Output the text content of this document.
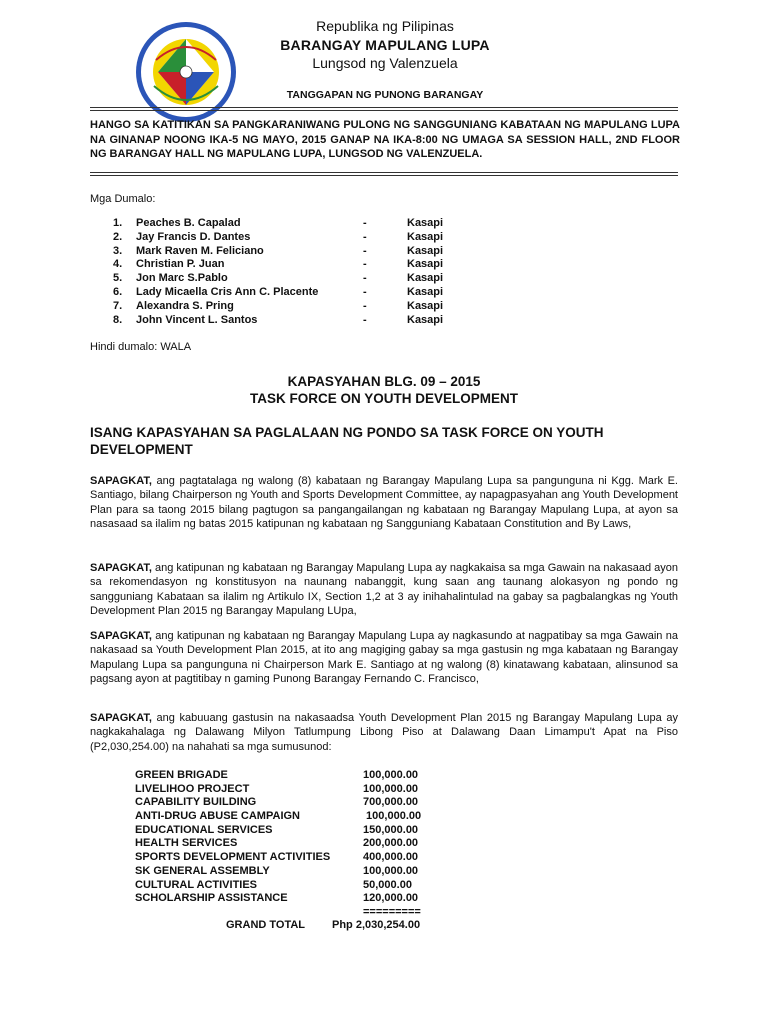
Republika ng Pilipinas
BARANGAY MAPULANG LUPA
Lungsod ng Valenzuela
TANGGAPAN NG PUNONG BARANGAY
HANGO SA KATITIKAN SA PANGKARANIWANG PULONG NG SANGGUNIANG KABATAAN NG MAPULANG LUPA NA GINANAP NOONG IKA-5 NG MAYO, 2015 GANAP NA IKA-8:00 NG UMAGA SA SESSION HALL, 2ND FLOOR NG BARANGAY HALL NG MAPULANG LUPA, LUNGSOD NG VALENZUELA.
Mga Dumalo:
1. Peaches B. Capalad	-	Kasapi
2. Jay Francis D. Dantes	-	Kasapi
3. Mark Raven M. Feliciano	-	Kasapi
4. Christian P. Juan	-	Kasapi
5. Jon Marc S.Pablo	-	Kasapi
6. Lady Micaella Cris Ann C. Placente	-	Kasapi
7. Alexandra S. Pring	-	Kasapi
8. John Vincent L. Santos	-	Kasapi
Hindi dumalo: WALA
KAPASYAHAN BLG. 09 – 2015
TASK FORCE ON YOUTH DEVELOPMENT
ISANG KAPASYAHAN SA PAGLALAAN NG PONDO SA TASK FORCE ON YOUTH DEVELOPMENT
SAPAGKAT, ang pagtatalaga ng walong (8) kabataan ng Barangay Mapulang Lupa sa pangunguna ni Kgg. Mark E. Santiago, bilang Chairperson ng Youth and Sports Development Committee, ay napagpasyahan ang Youth Development Plan para sa taong 2015 bilang pagtugon sa pangangailangan ng kabataan ng Barangay Mapulang Lupa, at ayon sa nasasaad sa ilalim ng batas 2015 katipunan ng kabataan ng Sangguniang Kabataan Constitution and By Laws,
SAPAGKAT, ang katipunan ng kabataan ng Barangay Mapulang Lupa ay nagkakaisa sa mga Gawain na nakasaad ayon sa rekomendasyon ng konstitusyon na naunang nabanggit, kung saan ang taunang alokasyon ng pondo ng sangguniang Kabataan sa ilalim ng Artikulo IX, Section 1,2 at 3 ay inihahalintulad na gabay sa pagbalangkas ng Youth Development Plan 2015 ng Barangay Mapulang LUpa,
SAPAGKAT, ang katipunan ng kabataan ng Barangay Mapulang Lupa ay nagkasundo at nagpatibay sa mga Gawain na nakasaad sa Youth Development Plan 2015, at ito ang magiging gabay sa mga gastusin ng mga kabataan ng Barangay Mapulang Lupa sa pangunguna ni Chairperson Mark E. Santiago at ng walong (8) kinatawang kabataan, alinsunod sa pagsang ayon at pagtitibay n gaming Punong Barangay Fernando C. Francisco,
SAPAGKAT, ang kabuuang gastusin na nakasaadsa Youth Development Plan 2015 ng Barangay Mapulang Lupa ay nagkakahalaga ng Dalawang Milyon Tatlumpung Libong Piso at Dalawang Daan Limampu't Apat na Piso (P2,030,254.00) na nahahati sa mga sumusunod:
GREEN BRIGADE	100,000.00
LIVELIHOO PROJECT	100,000.00
CAPABILITY BUILDING	700,000.00
ANTI-DRUG ABUSE CAMPAIGN	100,000.00
EDUCATIONAL SERVICES	150,000.00
HEALTH SERVICES	200,000.00
SPORTS DEVELOPMENT ACTIVITIES	400,000.00
SK GENERAL ASSEMBLY	100,000.00
CULTURAL ACTIVITIES	50,000.00
SCHOLARSHIP ASSISTANCE	120,000.00
=========
GRAND TOTAL Php 2,030,254.00
